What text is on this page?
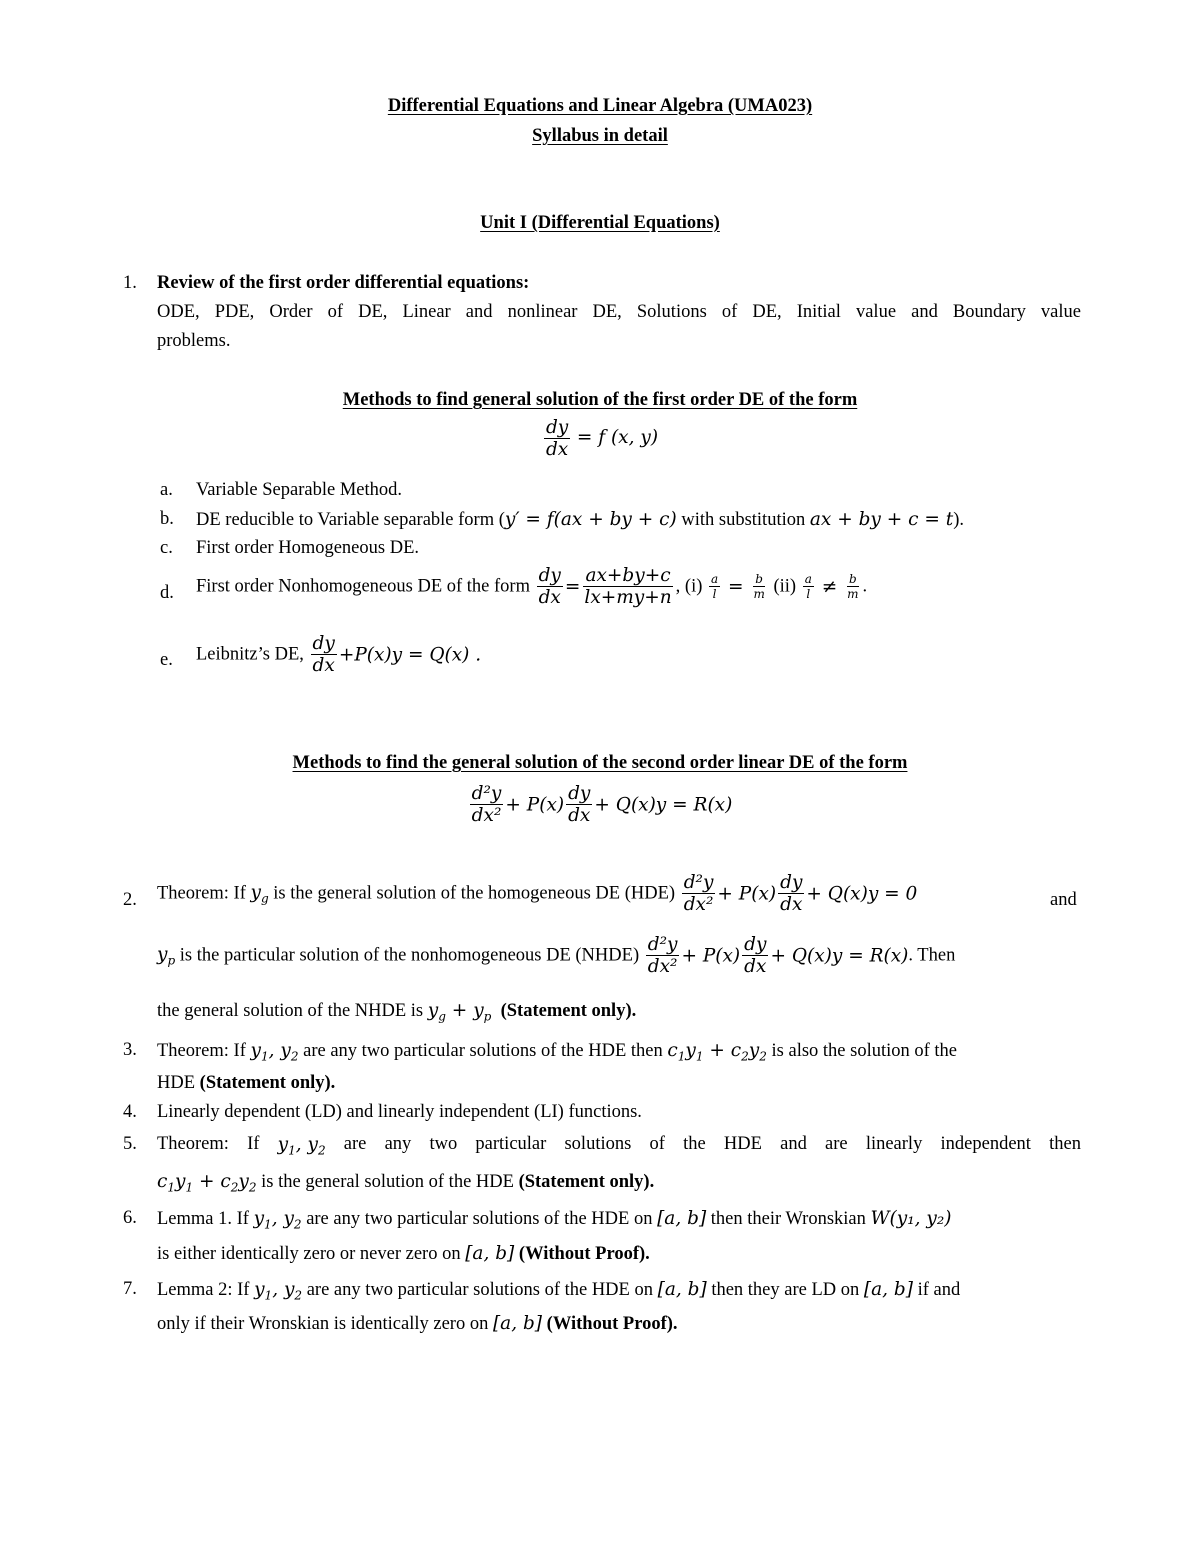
Differential Equations and Linear Algebra (UMA023)
Syllabus in detail
Unit I (Differential Equations)
1. Review of the first order differential equations:
ODE, PDE, Order of DE, Linear and nonlinear DE, Solutions of DE, Initial value and Boundary value
problems.
Methods to find general solution of the first order DE of the form
$\frac{dy}{dx} = f$ (x, y)
a. Variable Separable Method.
b. DE reducible to Variable separable form (y′ = f(ax + by + c) with substitution ax + by + c = t).
c. First order Homogeneous DE.
d. First order Nonhomogeneous DE of the form $\frac{dy}{dx} = \frac{ax+by+c}{lx+my+n}$ , $(i) \frac{a}{l} = \frac{b}{m} (ii) \frac{a}{l} \ne \frac{b}{m}$ .
e. Leibnitz’s DE, $\frac{dy}{dx} +P(x)y = Q(x)$ .
Methods to find the general solution of the second order linear DE of the form
$\frac{\text{d²y}}{\text{dx²}} + P(x) \frac{dy}{dx} + Q(x)y = R(x)$
2. Theorem: If $y_g$ is the general solution of the homogeneous DE $(HDE) \frac{\text{d²y}}{\text{dx²}} + P(x) \frac{dy}{dx} + Q(x)y = 0$	and
$y_p$ is the particular solution of the nonhomogeneous DE (NHDE) $\frac{\text{d²y}}{\text{dx²}} + P(x) \frac{dy}{dx} + Q(x)y = R(x)$. Then
the general solution of the NHDE is $y_g + y_p$ (Statement only).
3. Theorem: If $y_1$, $y_2$ are any two particular solutions of the HDE then $c_1y_1 + c_2y_2$ is also the solution of the
HDE (Statement only).
4. Linearly dependent (LD) and linearly independent (LI) functions.
5. Theorem: If $y_1$, $y_2$ are any two particular solutions of the HDE and are linearly independent then
$c_1y_1 + c_2y_2$ is the general solution of the HDE (Statement only).
6. Lemma 1. If $y_1$, $y_2$ are any two particular solutions of the HDE on [a, b] then their Wronskian W(y₁, y₂)
is either identically zero or never zero on [a, b] (Without Proof).
7. Lemma 2: If $y_1$, $y_2$ are any two particular solutions of the HDE on [a, b] then they are LD on [a, b] if and
only if their Wronskian is identically zero on [a, b] (Without Proof).
